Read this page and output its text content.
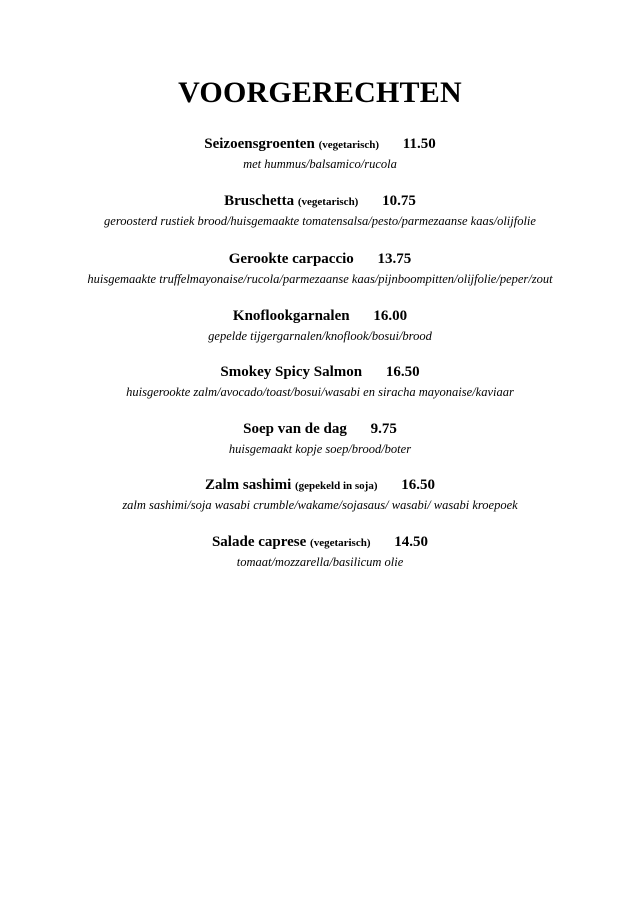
VOORGERECHTEN
Seizoensgroenten (vegetarisch) 11.50
met hummus/balsamico/rucola
Bruschetta (vegetarisch) 10.75
geroosterd rustiek brood/huisgemaakte tomatensalsa/pesto/parmezaanse kaas/olijfolie
Gerookte carpaccio 13.75
huisgemaakte truffelmayonaise/rucola/parmezaanse kaas/pijnboompitten/olijfolie/peper/zout
Knoflookgarnalen 16.00
gepelde tijgergarnalen/knoflook/bosui/brood
Smokey Spicy Salmon 16.50
huisgerookte zalm/avocado/toast/bosui/wasabi en siracha mayonaise/kaviaar
Soep van de dag 9.75
huisgemaakt kopje soep/brood/boter
Zalm sashimi (gepekeld in soja) 16.50
zalm sashimi/soja wasabi crumble/wakame/sojasaus/ wasabi/ wasabi kroepoek
Salade caprese (vegetarisch) 14.50
tomaat/mozzarella/basilicum olie
